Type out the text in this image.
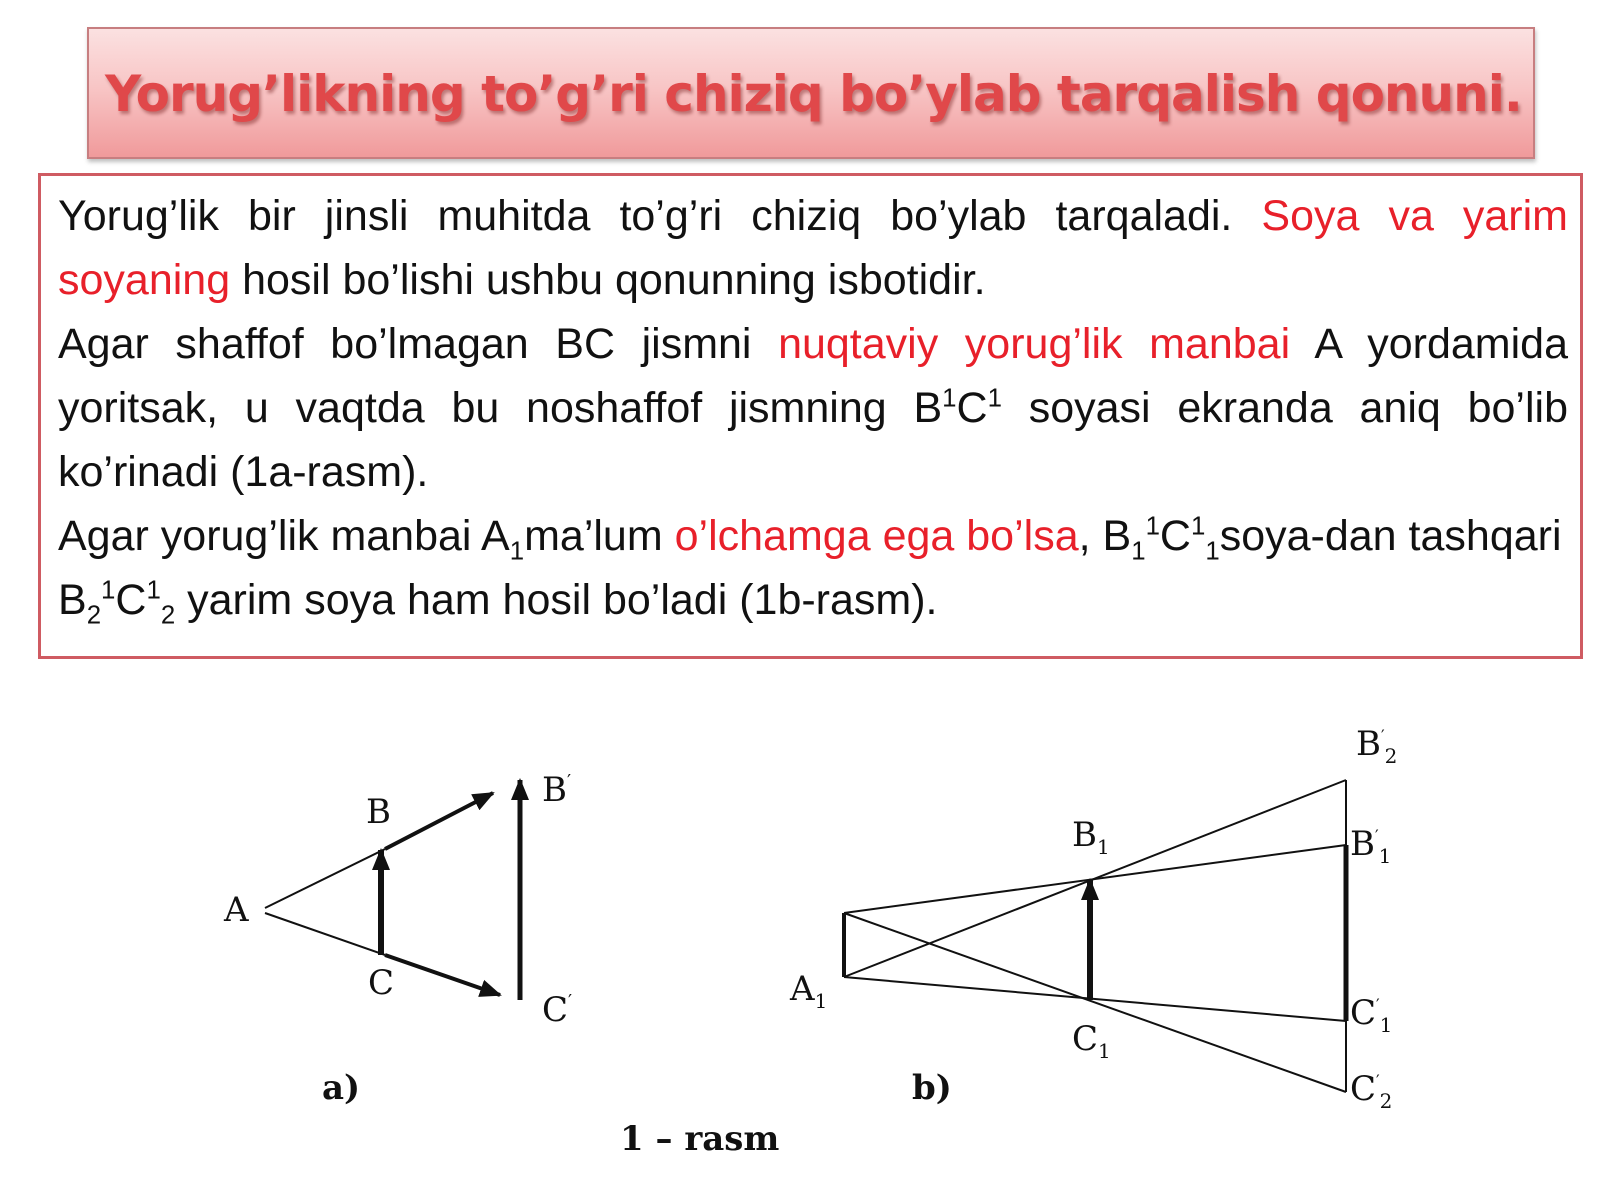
Yorug’likning to’g’ri chiziq bo’ylab tarqalish qonuni.

Yorug’lik bir jinsli muhitda to’g’ri chiziq bo’ylab tarqaladi. Soya va yarim soyaning hosil bo’lishi ushbu qonunning isbotidir.

Agar shaffof bo’lmagan BC jismni nuqtaviy yorug’lik manbai A yordamida yoritsak, u vaqtda bu noshaffof jismning $B^1C^1$ soyasi ekranda aniq bo’lib ko’rinadi (1a-rasm).

Agar yorug’lik manbai $A_1ma’lum$ o’lchamga ega bo’lsa, $B_1^1C^1_1soya$-dan tashqari $B_2^1C^1_2$ yarim soya ham hosil bo’ladi (1b-rasm).

A
B
C
B′
C′
a)
$A_1$
$B_1$
$C_1$
$B'_2$
$B'_1$
$C'_1$
$C'_2$
b)
1 – rasm
